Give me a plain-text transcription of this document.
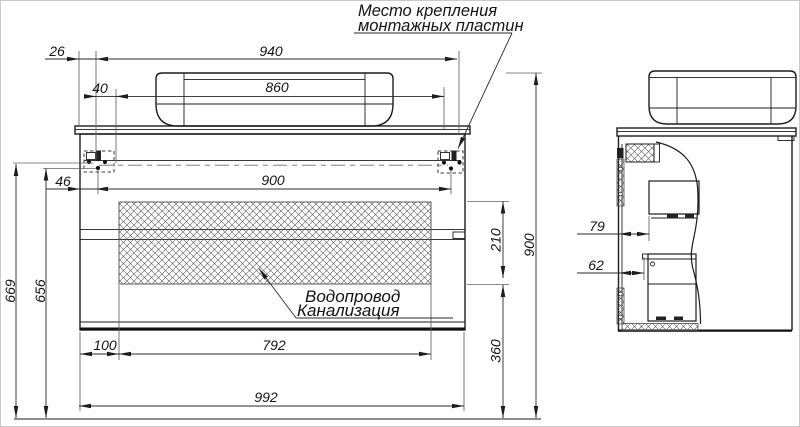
26	940
40	860
46	900
100	792
992
669 656
210
360
900
79
62
Место крепления
монтажных пластин
Водопровод
Канализация
